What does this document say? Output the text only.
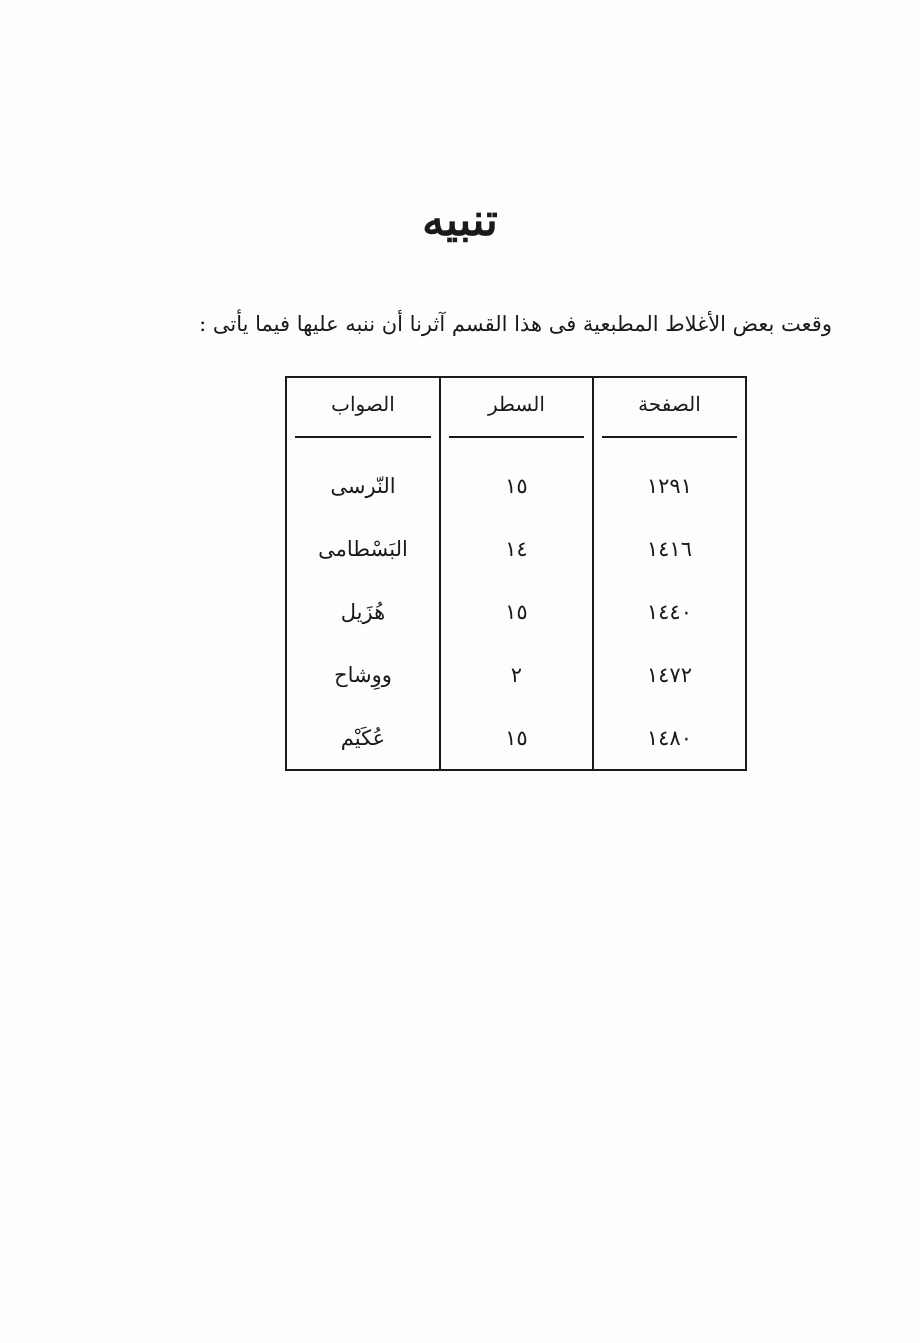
تنبيه
وقعت بعض الأغلاط المطبعية فى هذا القسم آثرنا أن ننبه عليها فيما يأتى :
الصفحة	السطر	الصواب
١٢٩١	١٥	النّرسى
١٤١٦	١٤	البَسْطامى
١٤٤٠	١٥	هُزَيل
١٤٧٢	٢	ووِشاح
١٤٨٠	١٥	عُكَيْم
